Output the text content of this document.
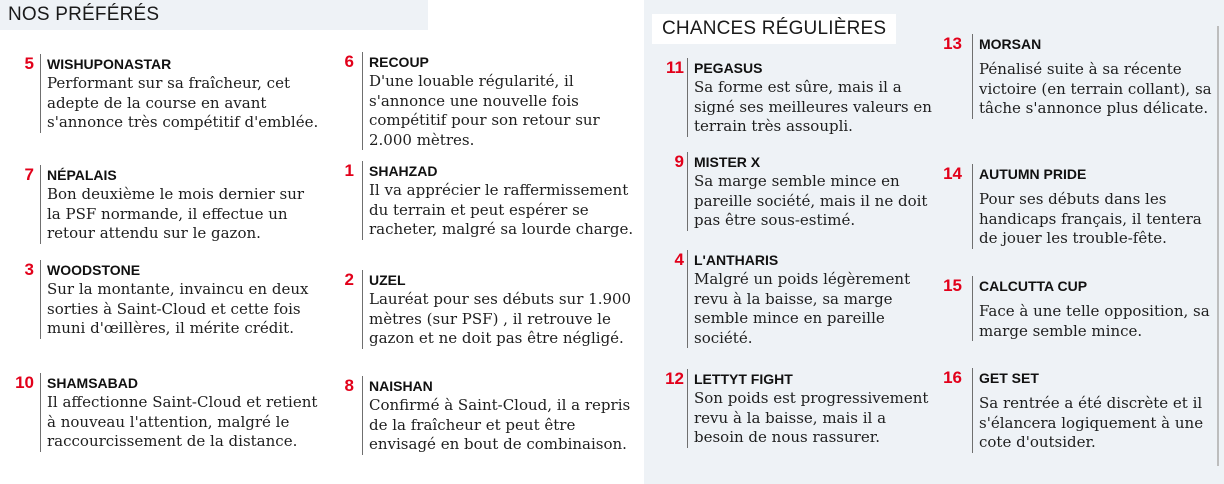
NOS PRÉFÉRÉS
CHANCES RÉGULIÈRES
5 WISHUPONASTAR
Performant sur sa fraîcheur, cet adepte de la course en avant s'annonce très compétitif d'emblée.
7 NÉPALAIS
Bon deuxième le mois dernier sur la PSF normande, il effectue un retour attendu sur le gazon.
3 WOODSTONE
Sur la montante, invaincu en deux sorties à Saint-Cloud et cette fois muni d'œillères, il mérite crédit.
10 SHAMSABAD
Il affectionne Saint-Cloud et retient à nouveau l'attention, malgré le raccourcissement de la distance.
6 RECOUP
D'une louable régularité, il s'annonce une nouvelle fois compétitif pour son retour sur 2.000 mètres.
1 SHAHZAD
Il va apprécier le raffermissement du terrain et peut espérer se racheter, malgré sa lourde charge.
2 UZEL
Lauréat pour ses débuts sur 1.900 mètres (sur PSF) , il retrouve le gazon et ne doit pas être négligé.
8 NAISHAN
Confirmé à Saint-Cloud, il a repris de la fraîcheur et peut être envisagé en bout de combinaison.
11 PEGASUS
Sa forme est sûre, mais il a signé ses meilleures valeurs en terrain très assoupli.
9 MISTER X
Sa marge semble mince en pareille société, mais il ne doit pas être sous-estimé.
4 L'ANTHARIS
Malgré un poids légèrement revu à la baisse, sa marge semble mince en pareille société.
12 LETTYT FIGHT
Son poids est progressivement revu à la baisse, mais il a besoin de nous rassurer.
13 MORSAN
Pénalisé suite à sa récente victoire (en terrain collant), sa tâche s'annonce plus délicate.
14 AUTUMN PRIDE
Pour ses débuts dans les handicaps français, il tentera de jouer les trouble-fête.
15 CALCUTTA CUP
Face à une telle opposition, sa marge semble mince.
16 GET SET
Sa rentrée a été discrète et il s'élancera logiquement à une cote d'outsider.
